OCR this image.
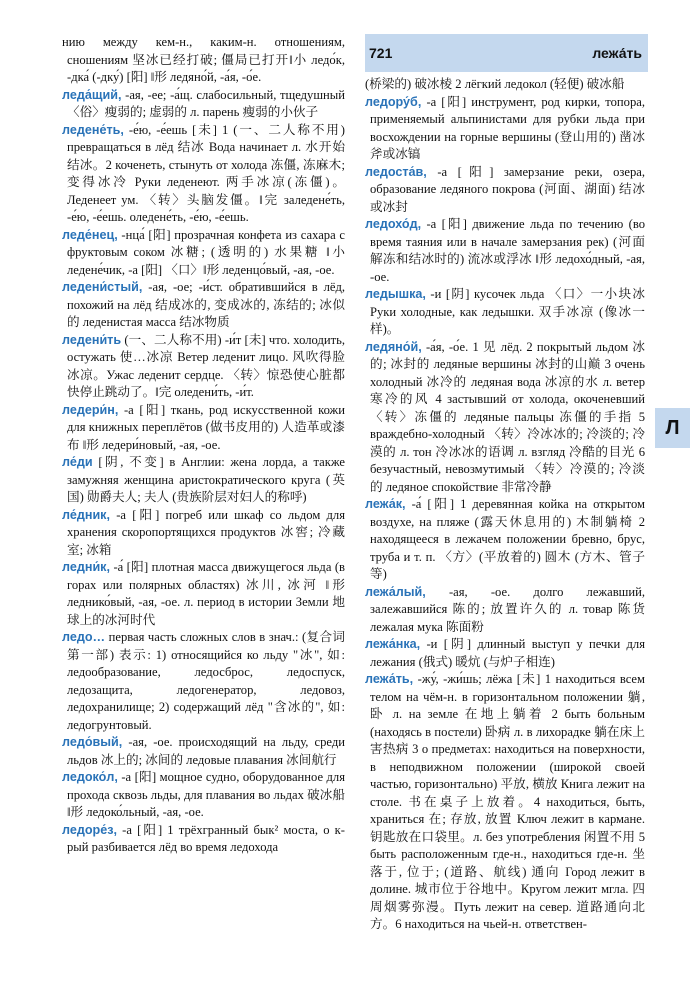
721	лежа́ть
Л

нию между кем-н., каким-н. отношениям, сношениям 坚冰已经打破; 僵局已打开‖小 ледо́к, -дка́ (-дку́) [阳] ‖形 ледяно́й, -а́я, -о́е.

леда́щий, -ая, -ее; -а́щ. слабосильный, тщедушный 〈俗〉瘦弱的; 虚弱的 л. парень 瘦弱的小伙子

ледене́ть, -е́ю, -е́ешь [未] 1 (一、二人称不用) превращаться в лёд 结冰 Вода начинает л. 水开始结冰。2 коченеть, стынуть от холода 冻僵, 冻麻木; 变得冰冷 Руки леденеют. 两手冰凉(冻僵)。Леденеет ум. 〈转〉头脑发僵。‖完 заледене́ть, -е́ю, -е́ешь. оледене́ть, -е́ю, -е́ешь.

леде́нец, -нца́ [阳] прозрачная конфета из сахара с фруктовым соком 冰糖; (透明的) 水果糖 ‖小 ледене́чик, -а [阳] 〈口〉‖形 леденцо́вый, -ая, -ое.

ледени́стый, -ая, -ое; -и́ст. обратившийся в лёд, похожий на лёд 结成冰的, 变成冰的, 冻结的; 冰似的 леденистая масса 结冰物质

ледени́ть (一、二人称不用) -и́т [未] что. холодить, остужать 使…冰凉 Ветер леденит лицо. 风吹得脸冰凉。Ужас леденит сердце. 〈转〉惊恐使心脏都快停止跳动了。‖完 оледени́ть, -и́т.

ледери́н, -а [阳] ткань, род искусственной кожи для книжных переплётов (做书皮用的) 人造革或漆布 ‖形 ледери́новый, -ая, -ое.

ле́ди [阴, 不变] в Англии: жена лорда, а также замужняя женщина аристократического круга (英国) 勋爵夫人; 夫人 (贵族阶层对妇人的称呼)

ле́дник, -а [阳] погреб или шкаф со льдом для хранения скоропортящихся продуктов 冰窖; 冷藏室; 冰箱

ледни́к, -а́ [阳] плотная масса движущегося льда (в горах или полярных областях) 冰川, 冰河 ‖形 леднико́вый, -ая, -ое. л. период в истории Земли 地球上的冰河时代

ледо… первая часть сложных слов в знач.: (复合词第一部) 表示: 1) относящийся ко льду "冰", 如: ледообразование, ледосброс, ледоспуск, ледозащита, ледогенератор, ледовоз, ледохранилище; 2) содержащий лёд "含冰的", 如: ледогрунтовый.

ледо́вый, -ая, -ое. происходящий на льду, среди льдов 冰上的; 冰间的 ледовые плавания 冰间航行

ледоко́л, -а [阳] мощное судно, оборудованное для прохода сквозь льды, для плавания во льдах 破冰船 ‖形 ледоко́льный, -ая, -ое.

ледоре́з, -а [阳] 1 трёхгранный бык² моста, о к-рый разбивается лёд во время ледохода

(桥梁的) 破冰棱 2 лёгкий ледокол (轻便) 破冰船

ледору́б, -а [阳] инструмент, род кирки, топора, применяемый альпинистами для рубки льда при восхождении на горные вершины (登山用的) 凿冰斧或冰镐

ледоста́в, -а [阳] замерзание реки, озера, образование ледяного покрова (河面、湖面) 结冰或冰封

ледохо́д, -а [阳] движение льда по течению (во время таяния или в начале замерзания рек) (河面解冻和结冰时的) 流冰或浮冰 ‖形 ледохо́дный, -ая, -ое.

ледышка, -и [阴] кусочек льда 〈口〉一小块冰 Руки холодные, как ледышки. 双手冰凉 (像冰一样)。

ледяно́й, -а́я, -о́е. 1 见 лёд. 2 покрытый льдом 冰的; 冰封的 ледяные вершины 冰封的山巅 3 очень холодный 冰冷的 ледяная вода 冰凉的水 л. ветер 寒冷的风 4 застывший от холода, окоченевший 〈转〉冻僵的 ледяные пальцы 冻僵的手指 5 враждебно-холодный 〈转〉冷冰冰的; 冷淡的; 冷漠的 л. тон 冷冰冰的语调 л. взгляд 冷酷的目光 6 безучастный, невозмутимый 〈转〉冷漠的; 冷淡的 ледяное спокойствие 非常冷静

лежа́к, -а́ [阳] 1 деревянная койка на открытом воздухе, на пляже (露天休息用的) 木制躺椅 2 находящееся в лежачем положении бревно, брус, труба и т. п. 〈方〉(平放着的) 圆木 (方木、管子等)

лежа́лый, -ая, -ое. долго лежавший, залежавшийся 陈的; 放置许久的 л. товар 陈货 лежалая мука 陈面粉

лежа́нка, -и [阴] длинный выступ у печки для лежания (俄式) 暖炕 (与炉子相连)

лежа́ть, -жу́, -жи́шь; лёжа [未] 1 находиться всем телом на чём-н. в горизонтальном положении 躺, 卧 л. на земле 在地上躺着 2 быть больным (находясь в постели) 卧病 л. в лихорадке 躺在床上害热病 3 о предметах: находиться на поверхности, в неподвижном положении (широкой своей частью, горизонтально) 平放, 横放 Книга лежит на столе. 书在桌子上放着。4 находиться, быть, храниться 在; 存放, 放置 Ключ лежит в кармане. 钥匙放在口袋里。л. без употребления 闲置不用 5 быть расположенным где-н., находиться где-н. 坐落于, 位于; (道路、航线) 通向 Город лежит в долине. 城市位于谷地中。Кругом лежит мгла. 四周烟雾弥漫。Путь лежит на север. 道路通向北方。6 находиться на чьей-н. ответствен-
